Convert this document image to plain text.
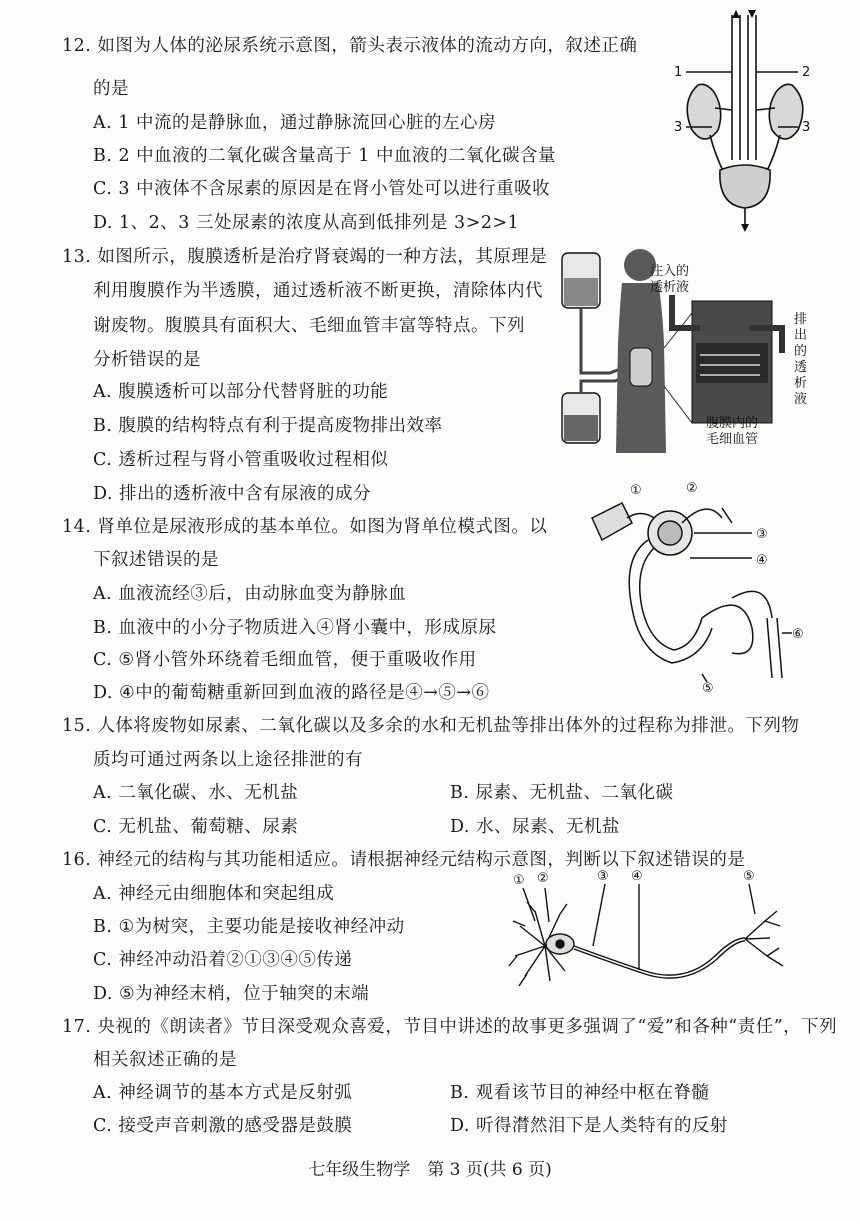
12. 如图为人体的泌尿系统示意图，箭头表示液体的流动方向，叙述正确
的是
A. 1 中流的是静脉血，通过静脉流回心脏的左心房
B. 2 中血液的二氧化碳含量高于 1 中血液的二氧化碳含量
C. 3 中液体不含尿素的原因是在肾小管处可以进行重吸收
D. 1、2、3 三处尿素的浓度从高到低排列是 3>2>1
1	2
3	3
13. 如图所示，腹膜透析是治疗肾衰竭的一种方法，其原理是
利用腹膜作为半透膜，通过透析液不断更换，清除体内代
谢废物。腹膜具有面积大、毛细血管丰富等特点。下列
分析错误的是
A. 腹膜透析可以部分代替肾脏的功能
B. 腹膜的结构特点有利于提高废物排出效率
C. 透析过程与肾小管重吸收过程相似
D. 排出的透析液中含有尿液的成分
注入的
透析液
排
出
的
透
析
液
腹膜内的
毛细血管
14. 肾单位是尿液形成的基本单位。如图为肾单位模式图。以
下叙述错误的是
A. 血液流经③后，由动脉血变为静脉血
B. 血液中的小分子物质进入④肾小囊中，形成原尿
C. ⑤肾小管外环绕着毛细血管，便于重吸收作用
D. ④中的葡萄糖重新回到血液的路径是④→⑤→⑥
①	②
③
④
⑥
⑤
15. 人体将废物如尿素、二氧化碳以及多余的水和无机盐等排出体外的过程称为排泄。下列物
质均可通过两条以上途径排泄的有
A. 二氧化碳、水、无机盐	B. 尿素、无机盐、二氧化碳
C. 无机盐、葡萄糖、尿素	D. 水、尿素、无机盐
16. 神经元的结构与其功能相适应。请根据神经元结构示意图，判断以下叙述错误的是
A. 神经元由细胞体和突起组成
B. ①为树突，主要功能是接收神经冲动
C. 神经冲动沿着②①③④⑤传递
D. ⑤为神经末梢，位于轴突的末端
① ②	③ ④	⑤
17. 央视的《朗读者》节目深受观众喜爱，节目中讲述的故事更多强调了“爱”和各种“责任”，下列
相关叙述正确的是
A. 神经调节的基本方式是反射弧	B. 观看该节目的神经中枢在脊髓
C. 接受声音刺激的感受器是鼓膜	D. 听得潸然泪下是人类特有的反射
七年级生物学　第 3 页(共 6 页)
